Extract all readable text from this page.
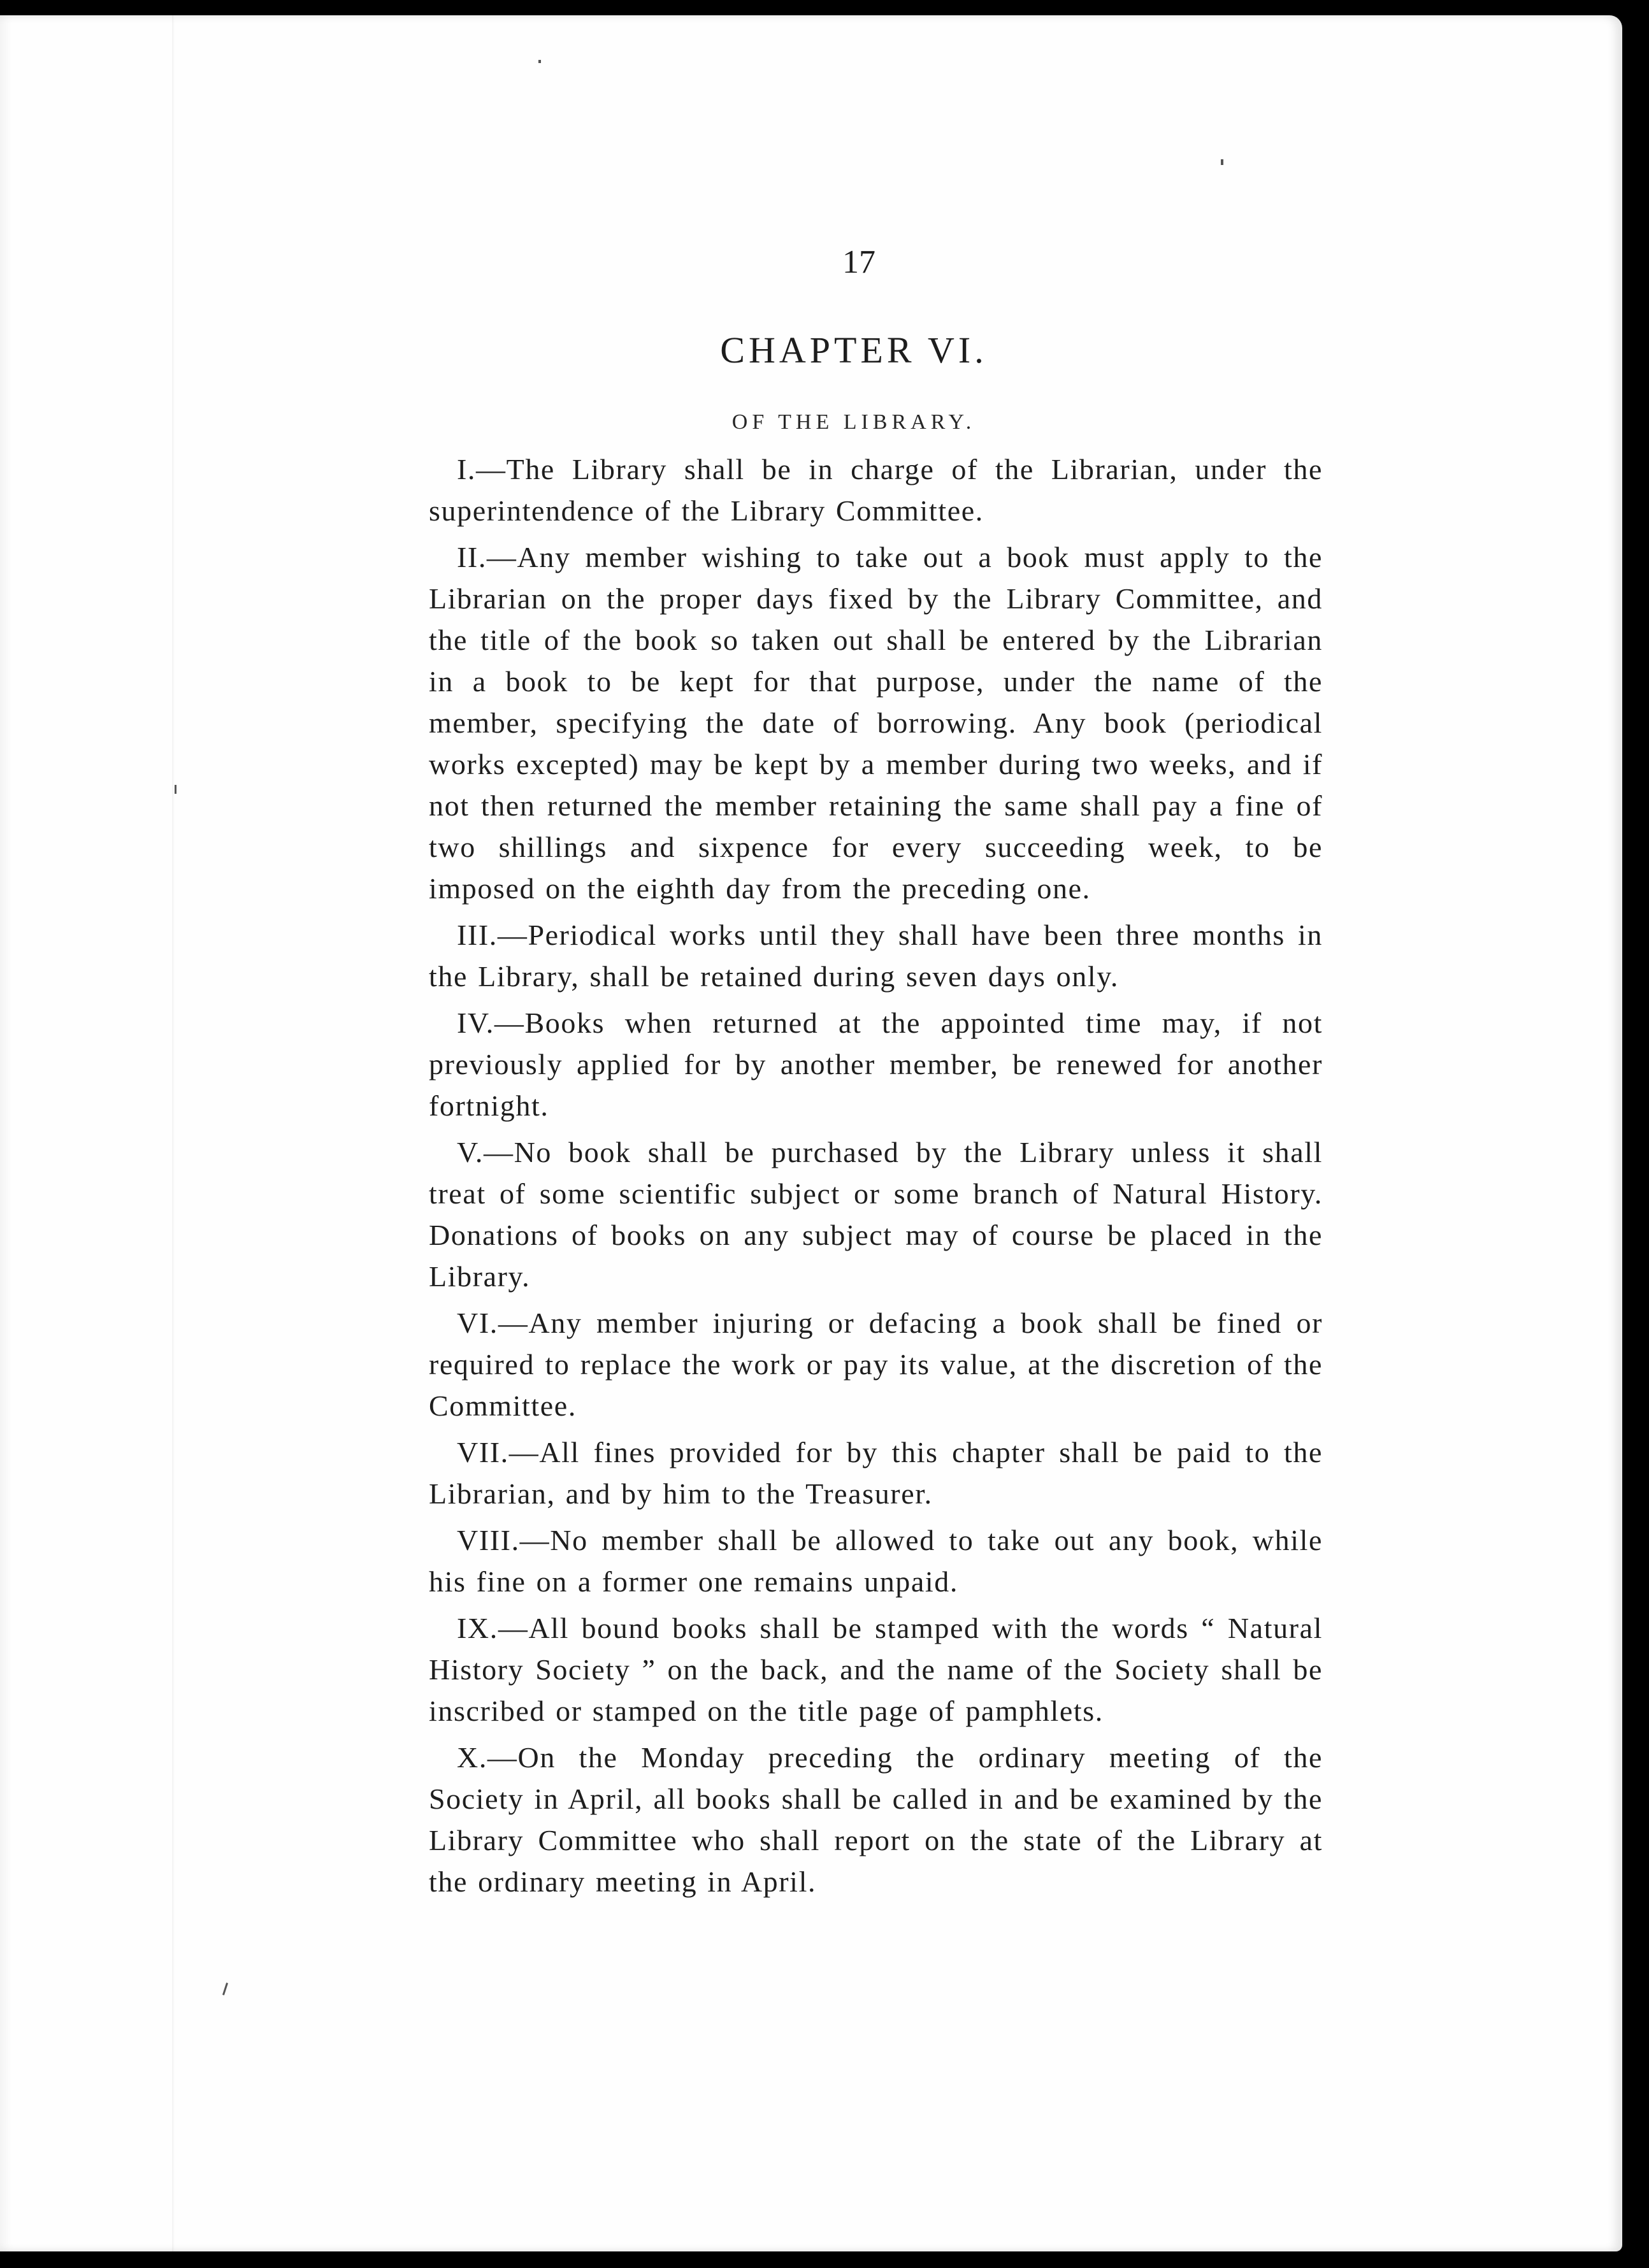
17
CHAPTER VI.
OF THE LIBRARY.

I.—The Library shall be in charge of the Librarian, under the superintendence of the Library Committee.

II.—Any member wishing to take out a book must apply to the Librarian on the proper days fixed by the Library Committee, and the title of the book so taken out shall be entered by the Librarian in a book to be kept for that purpose, under the name of the member, specifying the date of borrowing. Any book (periodical works excepted) may be kept by a member during two weeks, and if not then returned the member retaining the same shall pay a fine of two shillings and sixpence for every succeeding week, to be imposed on the eighth day from the preceding one.

III.—Periodical works until they shall have been three months in the Library, shall be retained during seven days only.

IV.—Books when returned at the appointed time may, if not previously applied for by another member, be renewed for another fortnight.

V.—No book shall be purchased by the Library unless it shall treat of some scientific subject or some branch of Natural History. Donations of books on any subject may of course be placed in the Library.

VI.—Any member injuring or defacing a book shall be fined or required to replace the work or pay its value, at the discretion of the Committee.

VII.—All fines provided for by this chapter shall be paid to the Librarian, and by him to the Treasurer.

VIII.—No member shall be allowed to take out any book, while his fine on a former one remains unpaid.

IX.—All bound books shall be stamped with the words “ Natural History Society ” on the back, and the name of the Society shall be inscribed or stamped on the title page of pamphlets.

X.—On the Monday preceding the ordinary meeting of the Society in April, all books shall be called in and be examined by the Library Committee who shall report on the state of the Library at the ordinary meeting in April.
